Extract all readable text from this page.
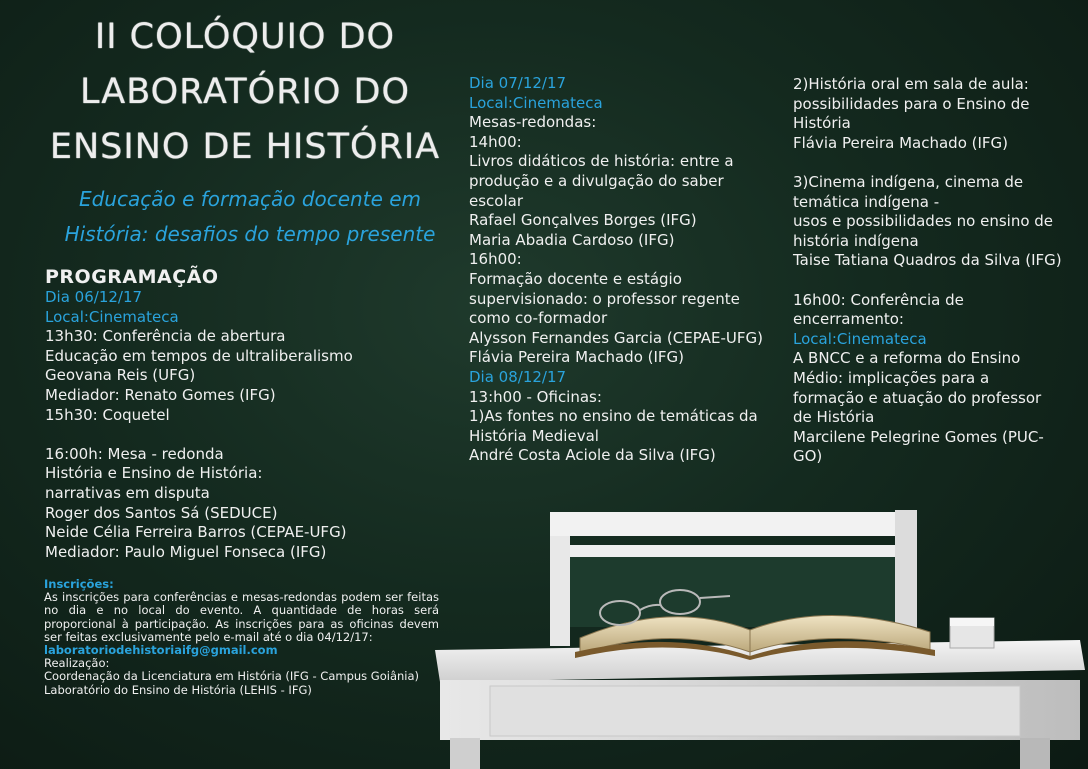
II COLÓQUIO DO
LABORATÓRIO DO
ENSINO DE HISTÓRIA
Educação e formação docente em
História: desafios do tempo presente
PROGRAMAÇÃO
Dia 06/12/17
Local:Cinemateca
13h30: Conferência de abertura
Educação em tempos de ultraliberalismo
Geovana Reis (UFG)
Mediador: Renato Gomes (IFG)
15h30: Coquetel
16:00h: Mesa - redonda
História e Ensino de História:
narrativas em disputa
Roger dos Santos Sá (SEDUCE)
Neide Célia Ferreira Barros (CEPAE-UFG)
Mediador: Paulo Miguel Fonseca (IFG)
Dia 07/12/17
Local:Cinemateca
Mesas-redondas:
14h00:
Livros didáticos de história: entre a
produção e a divulgação do saber
escolar
Rafael Gonçalves Borges (IFG)
Maria Abadia Cardoso (IFG)
16h00:
Formação docente e estágio
supervisionado: o professor regente
como co-formador
Alysson Fernandes Garcia (CEPAE-UFG)
Flávia Pereira Machado (IFG)
Dia 08/12/17
13:h00 - Oficinas:
1)As fontes no ensino de temáticas da
História Medieval
André Costa Aciole da Silva (IFG)
2)História oral em sala de aula:
possibilidades para o Ensino de
História
Flávia Pereira Machado (IFG)
3)Cinema indígena, cinema de
temática indígena -
usos e possibilidades no ensino de
história indígena
Taise Tatiana Quadros da Silva (IFG)
16h00: Conferência de
encerramento:
Local:Cinemateca
A BNCC e a reforma do Ensino
Médio: implicações para a
formação e atuação do professor
de História
Marcilene Pelegrine Gomes (PUC-
GO)
Inscrições:
As inscrições para conferências e mesas-redondas podem ser feitas no dia e no local do evento. A quantidade de horas será proporcional à participação. As inscrições para as oficinas devem ser feitas exclusivamente pelo e-mail até o dia 04/12/17:
laboratoriodehistoriaifg@gmail.com
Realização:
Coordenação da Licenciatura em História (IFG - Campus Goiânia)
Laboratório do Ensino de História (LEHIS - IFG)
